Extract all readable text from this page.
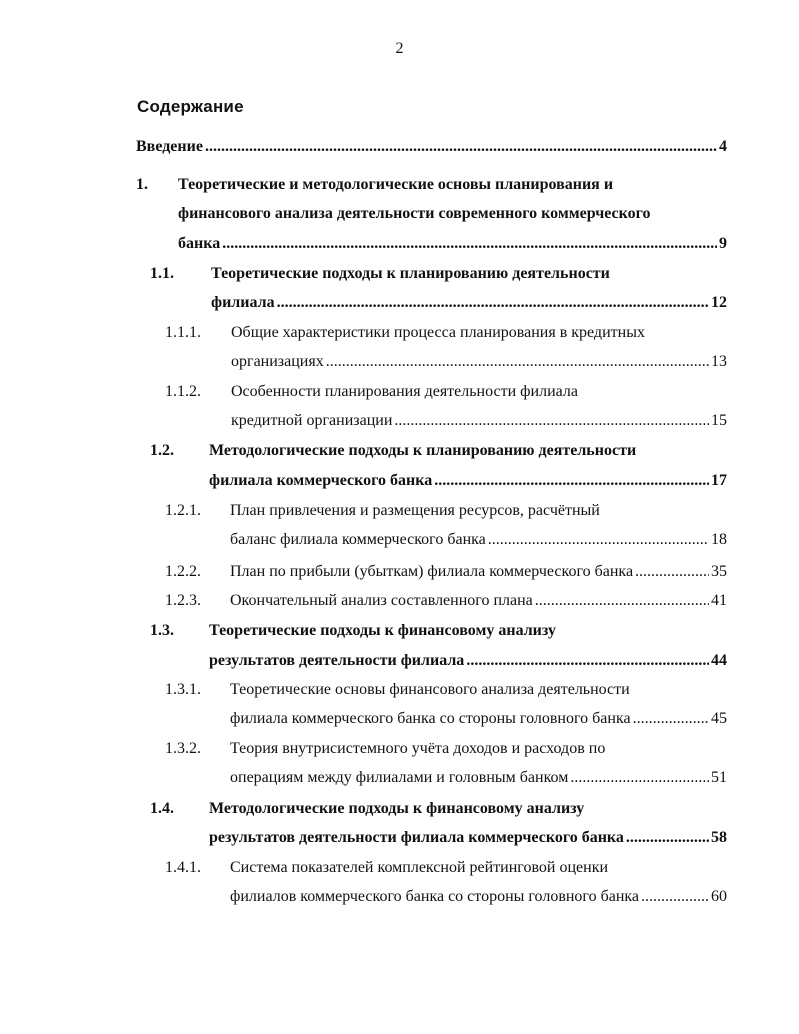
2
Содержание
Введение . . .	4
1. Теоретические и методологические основы планирования и
финансового анализа деятельности современного коммерческого
банка . . .	9
1.1. Теоретические подходы к планированию деятельности
филиала . . .	12
1.1.1. Общие характеристики процесса планирования в кредитных
организациях . . .	13
1.1.2. Особенности планирования деятельности филиала
кредитной организации . . .	15
1.2. Методологические подходы к планированию деятельности
филиала коммерческого банка . . .	17
1.2.1. План привлечения и размещения ресурсов, расчётный
баланс филиала коммерческого банка . . .	18
1.2.2. План по прибыли (убыткам) филиала коммерческого банка . . .	35
1.2.3. Окончательный анализ составленного плана . . .	41
1.3. Теоретические подходы к финансовому анализу
результатов деятельности филиала . . .	44
1.3.1. Теоретические основы финансового анализа деятельности
филиала коммерческого банка со стороны головного банка . . .	45
1.3.2. Теория внутрисистемного учёта доходов и расходов по
операциям между филиалами и головным банком . . .	51
1.4. Методологические подходы к финансовому анализу
результатов деятельности филиала коммерческого банка . . .	58
1.4.1. Система показателей комплексной рейтинговой оценки
филиалов коммерческого банка со стороны головного банка . . .	60
